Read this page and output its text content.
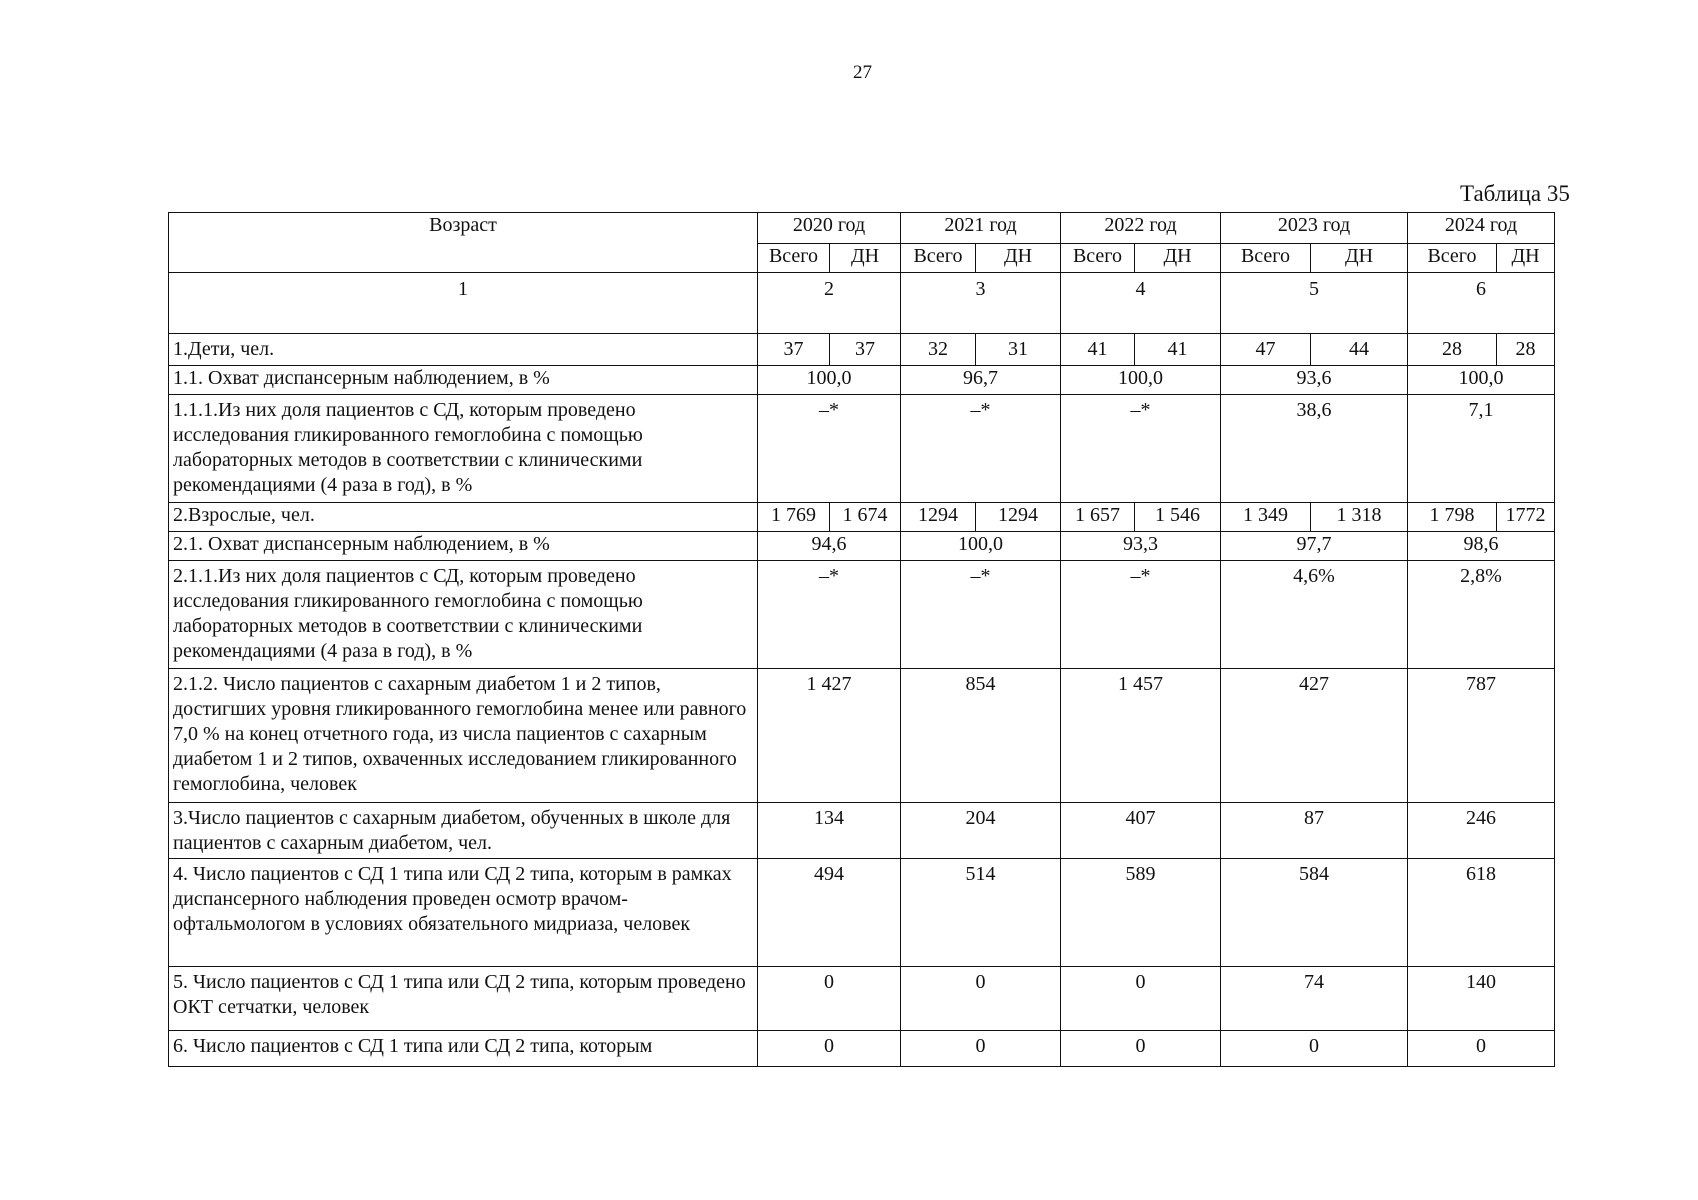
27
Таблица 35
Возраст	2020 год		2021 год		2022 год		2023 год		2024 год	
	Всего	ДН	Всего	ДН	Всего	ДН	Всего	ДН	Всего	ДН
1	2		3		4		5		6	
1.Дети, чел.	37	37	32	31	41	41	47	44	28	28
1.1. Охват диспансерным наблюдением, в %	100,0		96,7		100,0		93,6		100,0	
1.1.1.Из них доля пациентов с СД, которым проведено исследования гликированного гемоглобина с помощью лабораторных методов в соответствии с клиническими рекомендациями (4 раза в год), в %	–*		–*		–*		38,6		7,1	
2.Взрослые, чел.	1 769	1 674	1294	1294	1 657	1 546	1 349	1 318	1 798	1772
2.1. Охват диспансерным наблюдением, в %	94,6		100,0		93,3		97,7		98,6	
2.1.1.Из них доля пациентов с СД, которым проведено исследования гликированного гемоглобина с помощью лабораторных методов в соответствии с клиническими рекомендациями (4 раза в год), в %	–*		–*		–*		4,6%		2,8%	
2.1.2. Число пациентов с сахарным диабетом 1 и 2 типов, достигших уровня гликированного гемоглобина менее или равного 7,0 % на конец отчетного года, из числа пациентов с сахарным диабетом 1 и 2 типов, охваченных исследованием гликированного гемоглобина, человек	1 427		854		1 457		427		787	
3.Число пациентов с сахарным диабетом, обученных в школе для пациентов с сахарным диабетом, чел.	134		204		407		87		246	
4. Число пациентов с СД 1 типа или СД 2 типа, которым в рамках диспансерного наблюдения проведен осмотр врачом-офтальмологом в условиях обязательного мидриаза, человек	494		514		589		584		618	
5. Число пациентов с СД 1 типа или СД 2 типа, которым проведено ОКТ сетчатки, человек	0		0		0		74		140	
6. Число пациентов с СД 1 типа или СД 2 типа, которым	0		0		0		0		0	
